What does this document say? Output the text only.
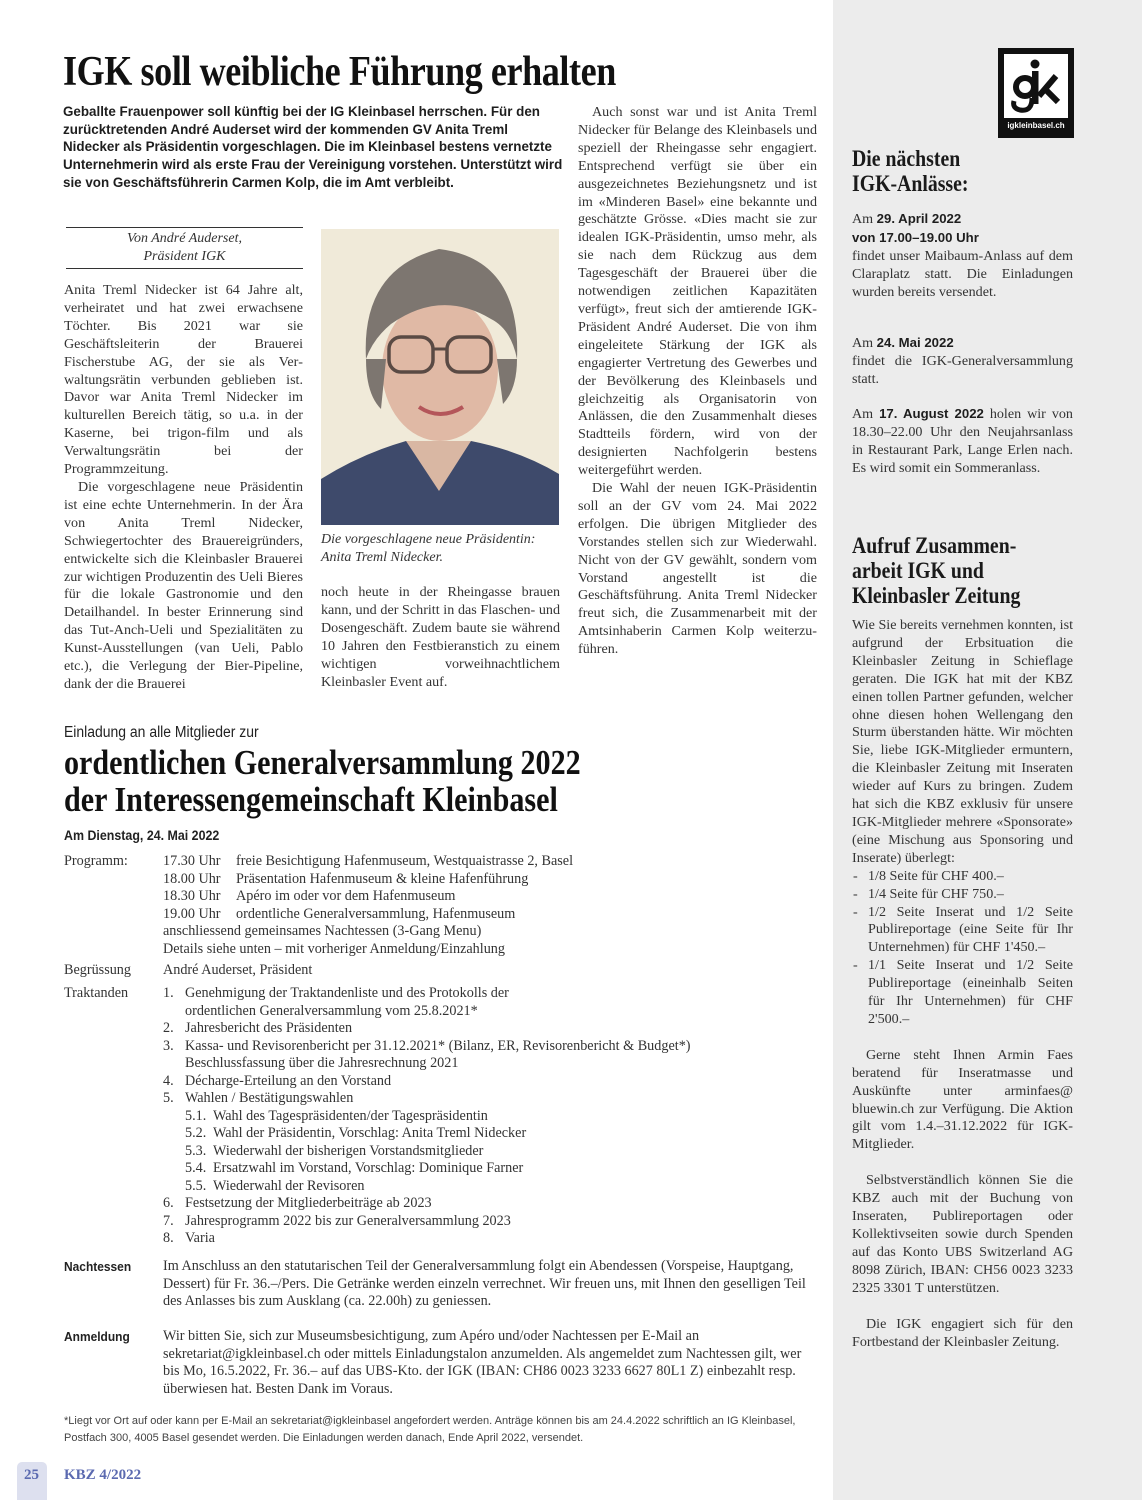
igkleinbasel.ch
IGK soll weibliche Führung erhalten
Geballte Frauenpower soll künftig bei der IG Kleinbasel herrschen. Für den zurücktretenden André Auderset wird der kommenden GV Anita Treml Nidecker als Präsidentin vorgeschlagen. Die im Kleinbasel bestens vernetzte Unternehmerin wird als erste Frau der Vereinigung vorstehen. Unterstützt wird sie von Geschäftsführerin Carmen Kolp, die im Amt verbleibt.
Von André Auderset,
Präsident IGK

Anita Treml Nidecker ist 64 Jahre alt, verheiratet und hat zwei erwachsene Töchter. Bis 2021 war sie Geschäftsleiterin der Brauerei Fischerstube AG, der sie als Verwaltungsrätin verbunden geblieben ist. Davor war Anita Treml Nidecker im kulturellen Bereich tätig, so u.a. in der Kaserne, bei trigon-film und als Verwaltungsrätin bei der Programmzeitung.

Die vorgeschlagene neue Präsidentin ist eine echte Unternehmerin. In der Ära von Anita Treml Nidecker, Schwiegertochter des Brauereigründers, entwickelte sich die Kleinbasler Brauerei zur wichtigen Produzentin des Ueli Bieres für die lokale Gastronomie und den Detailhandel. In bester Erinnerung sind das Tut-Anch-Ueli und Spezialitäten zu Kunst-Ausstellungen (van Ueli, Pablo etc.), die Verlegung der Bier-Pipeline, dank der die Brauerei

Die vorgeschlagene neue Präsidentin: Anita Treml Nidecker.

noch heute in der Rheingasse brauen kann, und der Schritt in das Flaschen- und Dosengeschäft. Zudem baute sie während 10 Jahren den Festbieranstich zu einem wichtigen vorweihnachtlichem Kleinbasler Event auf.

Auch sonst war und ist Anita Treml Nidecker für Belange des Kleinbasels und speziell der Rheingasse sehr engagiert. Entsprechend verfügt sie über ein ausgezeichnetes Beziehungsnetz und ist im «Minderen Basel» eine bekannte und geschätzte Grösse. «Dies macht sie zur idealen IGK-Präsidentin, umso mehr, als sie nach dem Rückzug aus dem Tagesgeschäft der Brauerei über die notwendigen zeitlichen Kapazitäten verfügt», freut sich der amtierende IGK-Präsident André Auderset. Die von ihm eingeleitete Stärkung der IGK als engagierter Vertretung des Gewerbes und der Bevölkerung des Kleinbasels und gleichzeitig als Organisatorin von Anlässen, die den Zusammenhalt dieses Stadtteils fördern, wird von der designierten Nachfolgerin bestens weitergeführt werden.

Die Wahl der neuen IGK-Präsidentin soll an der GV vom 24. Mai 2022 erfolgen. Die übrigen Mitglieder des Vorstandes stellen sich zur Wiederwahl. Nicht von der GV gewählt, sondern vom Vorstand angestellt ist die Geschäftsführung. Anita Treml Nidecker freut sich, die Zusammenarbeit mit der Amtsinhaberin Carmen Kolp weiterzuführen.

Einladung an alle Mitglieder zur
ordentlichen Generalversammlung 2022
der Interessengemeinschaft Kleinbasel
Am Dienstag, 24. Mai 2022
Programm: 17.30 Uhr freie Besichtigung Hafenmuseum, Westquaistrasse 2, Basel
18.00 Uhr Präsentation Hafenmuseum & kleine Hafenführung
18.30 Uhr Apéro im oder vor dem Hafenmuseum
19.00 Uhr ordentliche Generalversammlung, Hafenmuseum
anschliessend gemeinsames Nachtessen (3-Gang Menu)
Details siehe unten – mit vorheriger Anmeldung/Einzahlung
Begrüssung André Auderset, Präsident
Traktanden 1. Genehmigung der Traktandenliste und des Protokolls der
ordentlichen Generalversammlung vom 25.8.2021*
2. Jahresbericht des Präsidenten
3. Kassa- und Revisorenbericht per 31.12.2021* (Bilanz, ER, Revisorenbericht & Budget*)
Beschlussfassung über die Jahresrechnung 2021
4. Décharge-Erteilung an den Vorstand
5. Wahlen / Bestätigungswahlen
5.1. Wahl des Tagespräsidenten/der Tagespräsidentin
5.2. Wahl der Präsidentin, Vorschlag: Anita Treml Nidecker
5.3. Wiederwahl der bisherigen Vorstandsmitglieder
5.4. Ersatzwahl im Vorstand, Vorschlag: Dominique Farner
5.5. Wiederwahl der Revisoren
6. Festsetzung der Mitgliederbeiträge ab 2023
7. Jahresprogramm 2022 bis zur Generalversammlung 2023
8. Varia
Nachtessen Im Anschluss an den statutarischen Teil der Generalversammlung folgt ein Abendessen (Vorspeise, Hauptgang, Dessert) für Fr. 36.–/Pers. Die Getränke werden einzeln verrechnet. Wir freuen uns, mit Ihnen den geselligen Teil des Anlasses bis zum Ausklang (ca. 22.00h) zu geniessen.
Anmeldung Wir bitten Sie, sich zur Museumsbesichtigung, zum Apéro und/oder Nachtessen per E-Mail an sekretariat@igkleinbasel.ch oder mittels Einladungstalon anzumelden. Als angemeldet zum Nachtessen gilt, wer bis Mo, 16.5.2022, Fr. 36.– auf das UBS-Kto. der IGK (IBAN: CH86 0023 3233 6627 80L1 Z) einbezahlt resp. überwiesen hat. Besten Dank im Voraus.
*Liegt vor Ort auf oder kann per E-Mail an sekretariat@igkleinbasel angefordert werden. Anträge können bis am 24.4.2022 schriftlich an IG Kleinbasel, Postfach 300, 4005 Basel gesendet werden. Die Einladungen werden danach, Ende April 2022, versendet.
25 KBZ 4/2022
Die nächsten
IGK-Anlässe:

Am 29. April 2022

von 17.00–19.00 Uhr

findet unser Maibaum-Anlass auf dem Claraplatz statt. Die Einladungen wurden bereits versendet.

Am 24. Mai 2022

findet die IGK-Generalversammlung statt.

Am 17. August 2022 holen wir von 18.30–22.00 Uhr den Neujahrsanlass in Restaurant Park, Lange Erlen nach. Es wird somit ein Sommeranlass.

Aufruf Zusammen-
arbeit IGK und
Kleinbasler Zeitung

Wie Sie bereits vernehmen konnten, ist aufgrund der Erbsituation die Kleinbasler Zeitung in Schieflage geraten. Die IGK hat mit der KBZ einen tollen Partner gefunden, welcher ohne diesen hohen Wellengang den Sturm überstanden hätte. Wir möchten Sie, liebe IGK-Mitglieder ermuntern, die Kleinbasler Zeitung mit Inseraten wieder auf Kurs zu bringen. Zudem hat sich die KBZ exklusiv für unsere IGK-Mitglieder mehrere «Sponsorate» (eine Mischung aus Sponsoring und Inserate) überlegt:

- 1/8 Seite für CHF 400.–
- 1/4 Seite für CHF 750.–
- 1/2 Seite Inserat und 1/2 Seite Publireportage (eine Seite für Ihr Unternehmen) für CHF 1'450.–
- 1/1 Seite Inserat und 1/2 Seite Publireportage (eineinhalb Seiten für Ihr Unternehmen) für CHF 2'500.–

Gerne steht Ihnen Armin Faes beratend für Inseratmasse und Auskünfte unter arminfaes@ bluewin.ch zur Verfügung. Die Aktion gilt vom 1.4.–31.12.2022 für IGK-Mitglieder.

Selbstverständlich können Sie die KBZ auch mit der Buchung von Inseraten, Publireportagen oder Kollektivseiten sowie durch Spenden auf das Konto UBS Switzerland AG 8098 Zürich, IBAN: CH56 0023 3233 2325 3301 T unterstützen.

Die IGK engagiert sich für den Fortbestand der Kleinbasler Zeitung.
